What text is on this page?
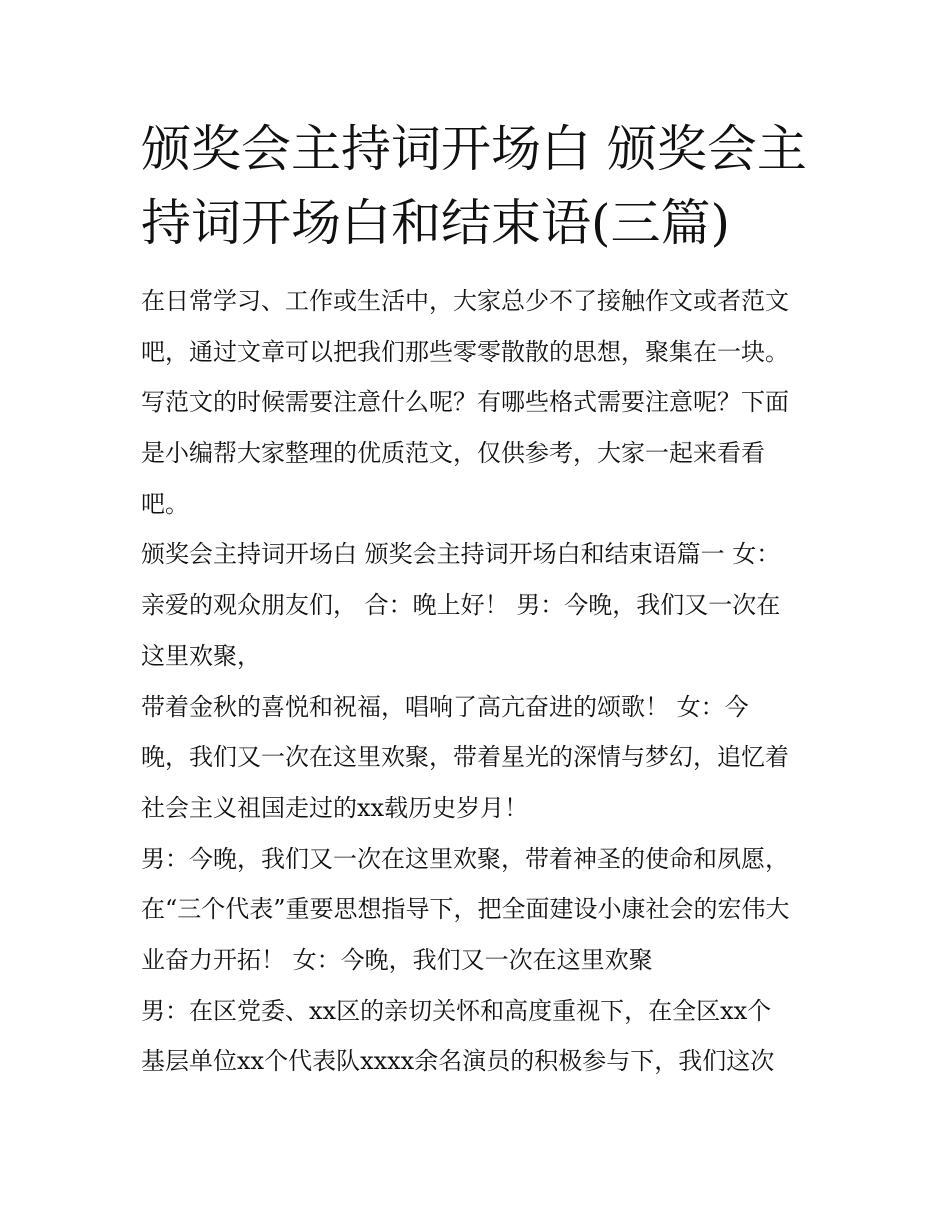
颁奖会主持词开场白 颁奖会主
持词开场白和结束语(三篇)
在日常学习、工作或生活中，大家总少不了接触作文或者范文
吧，通过文章可以把我们那些零零散散的思想，聚集在一块。
写范文的时候需要注意什么呢？有哪些格式需要注意呢？下面
是小编帮大家整理的优质范文，仅供参考，大家一起来看看
吧。
颁奖会主持词开场白 颁奖会主持词开场白和结束语篇一 女：
亲爱的观众朋友们， 合：晚上好！ 男：今晚，我们又一次在
这里欢聚，
带着金秋的喜悦和祝福，唱响了高亢奋进的颂歌！ 女：今
晚，我们又一次在这里欢聚，带着星光的深情与梦幻，追忆着
社会主义祖国走过的xx载历史岁月！
男：今晚，我们又一次在这里欢聚，带着神圣的使命和夙愿，
在“三个代表”重要思想指导下，把全面建设小康社会的宏伟大
业奋力开拓！ 女：今晚，我们又一次在这里欢聚
男：在区党委、xx区的亲切关怀和高度重视下，在全区xx个
基层单位xx个代表队xxxx余名演员的积极参与下，我们这次
